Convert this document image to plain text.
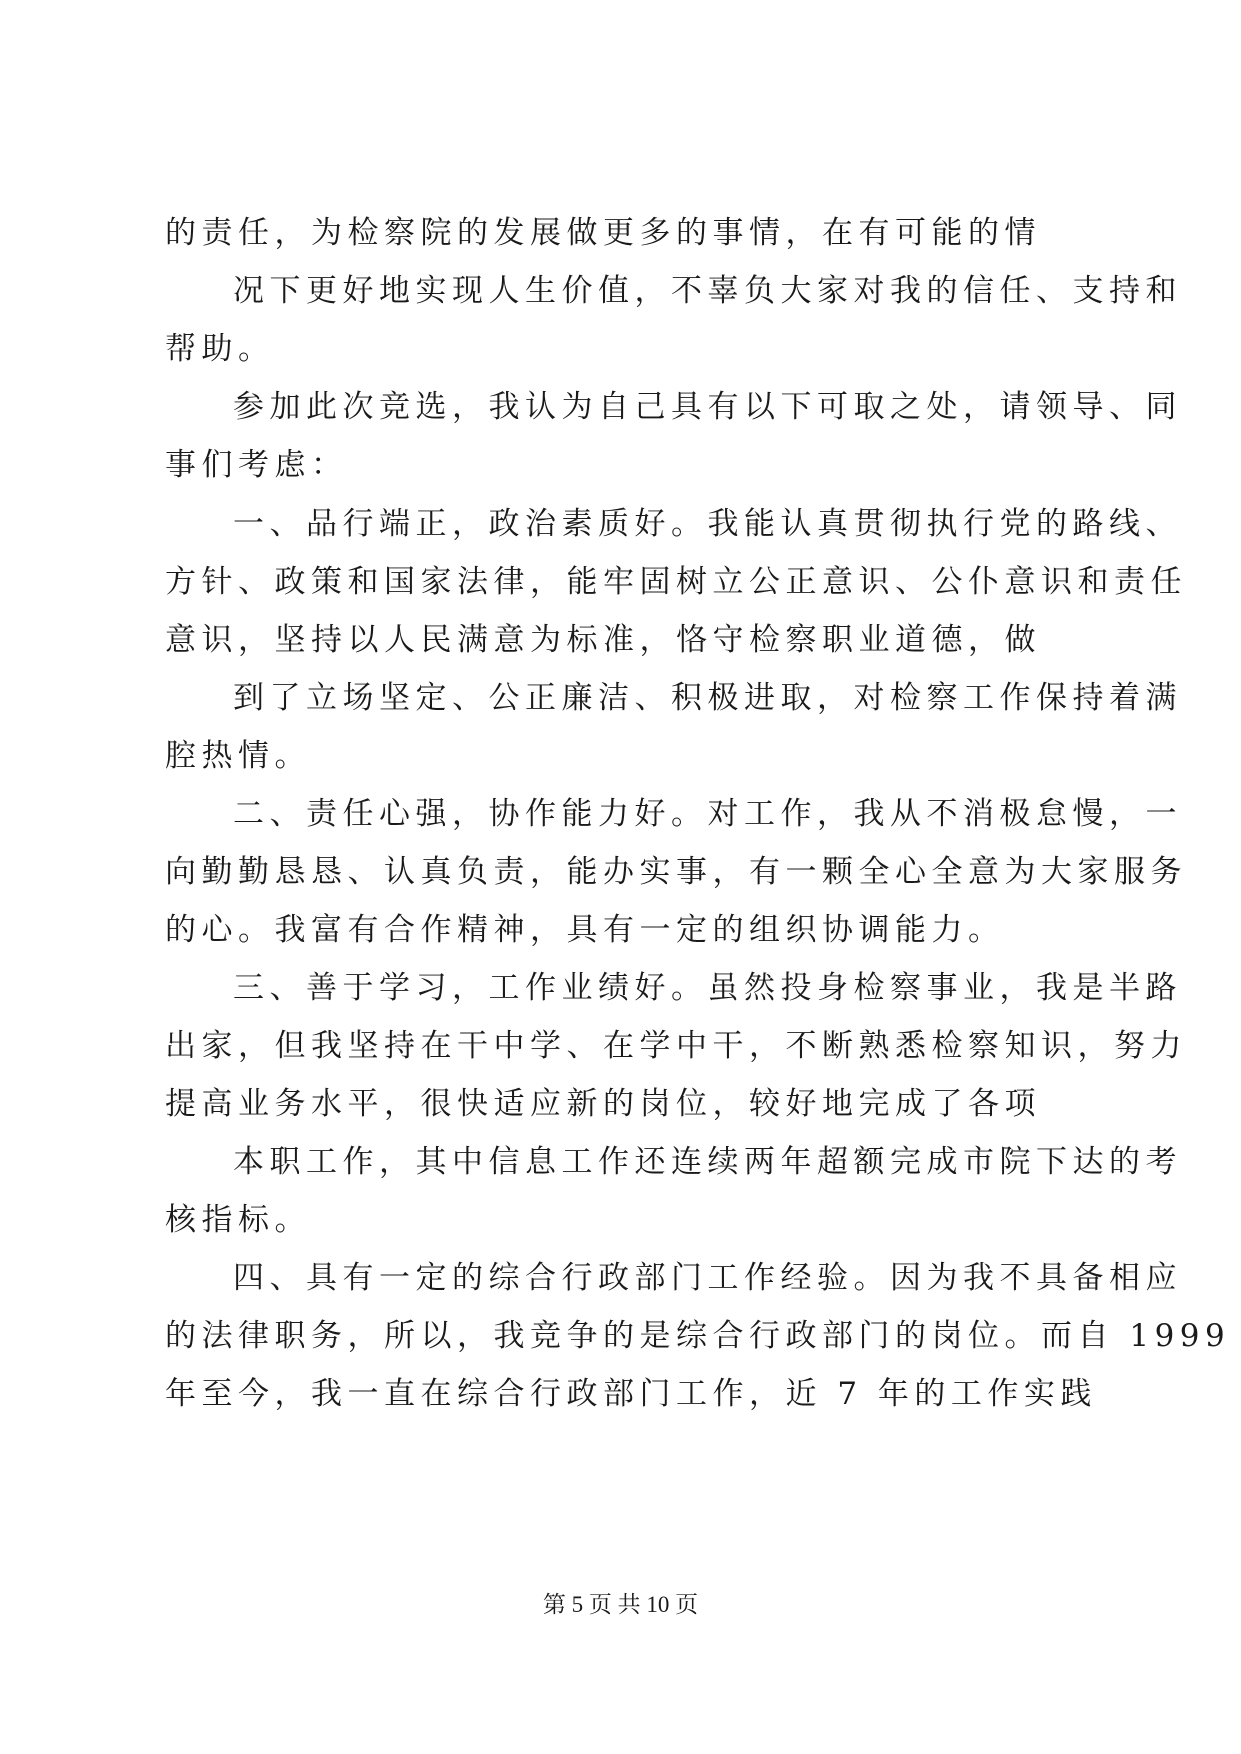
的责任，为检察院的发展做更多的事情，在有可能的情
况下更好地实现人生价值，不辜负大家对我的信任、支持和
帮助。
参加此次竞选，我认为自己具有以下可取之处，请领导、同
事们考虑：
一、品行端正，政治素质好。我能认真贯彻执行党的路线、
方针、政策和国家法律，能牢固树立公正意识、公仆意识和责任
意识，坚持以人民满意为标准，恪守检察职业道德，做
到了立场坚定、公正廉洁、积极进取，对检察工作保持着满
腔热情。
二、责任心强，协作能力好。对工作，我从不消极怠慢，一
向勤勤恳恳、认真负责，能办实事，有一颗全心全意为大家服务
的心。我富有合作精神，具有一定的组织协调能力。
三、善于学习，工作业绩好。虽然投身检察事业，我是半路
出家，但我坚持在干中学、在学中干，不断熟悉检察知识，努力
提高业务水平，很快适应新的岗位，较好地完成了各项
本职工作，其中信息工作还连续两年超额完成市院下达的考
核指标。
四、具有一定的综合行政部门工作经验。因为我不具备相应
的法律职务，所以，我竞争的是综合行政部门的岗位。而自 1999
年至今，我一直在综合行政部门工作，近 7 年的工作实践
第 5 页 共 10 页
